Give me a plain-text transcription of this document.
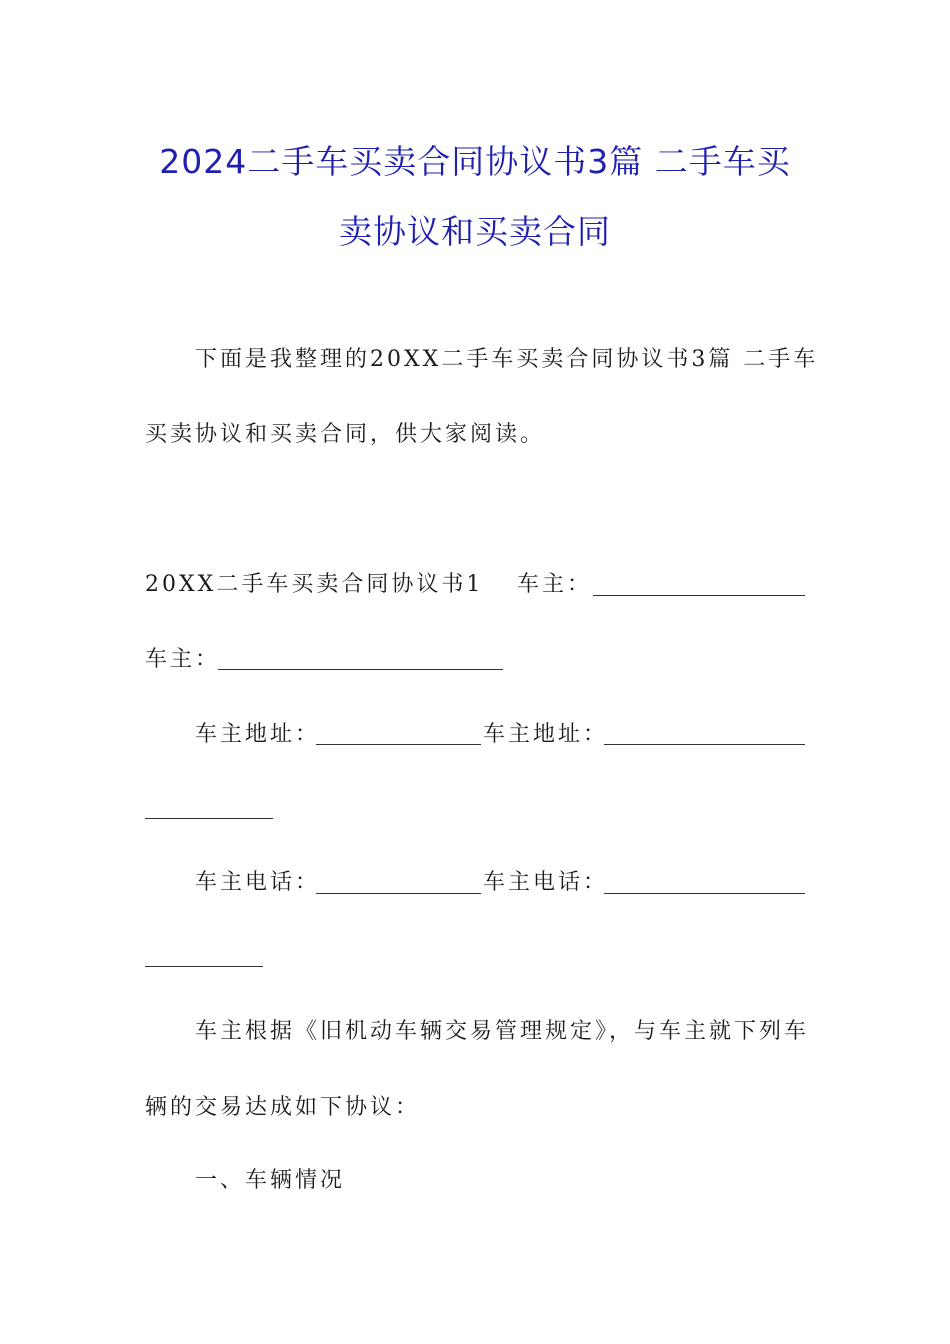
2024二手车买卖合同协议书3篇 二手车买
卖协议和买卖合同
下面是我整理的20XX二手车买卖合同协议书3篇 二手车
买卖协议和买卖合同，供大家阅读。
20XX二手车买卖合同协议书1 车主：
车主：
车主地址：	车主地址：
车主电话：	车主电话：
车主根据《旧机动车辆交易管理规定》，与车主就下列车
辆的交易达成如下协议：
一、车辆情况
